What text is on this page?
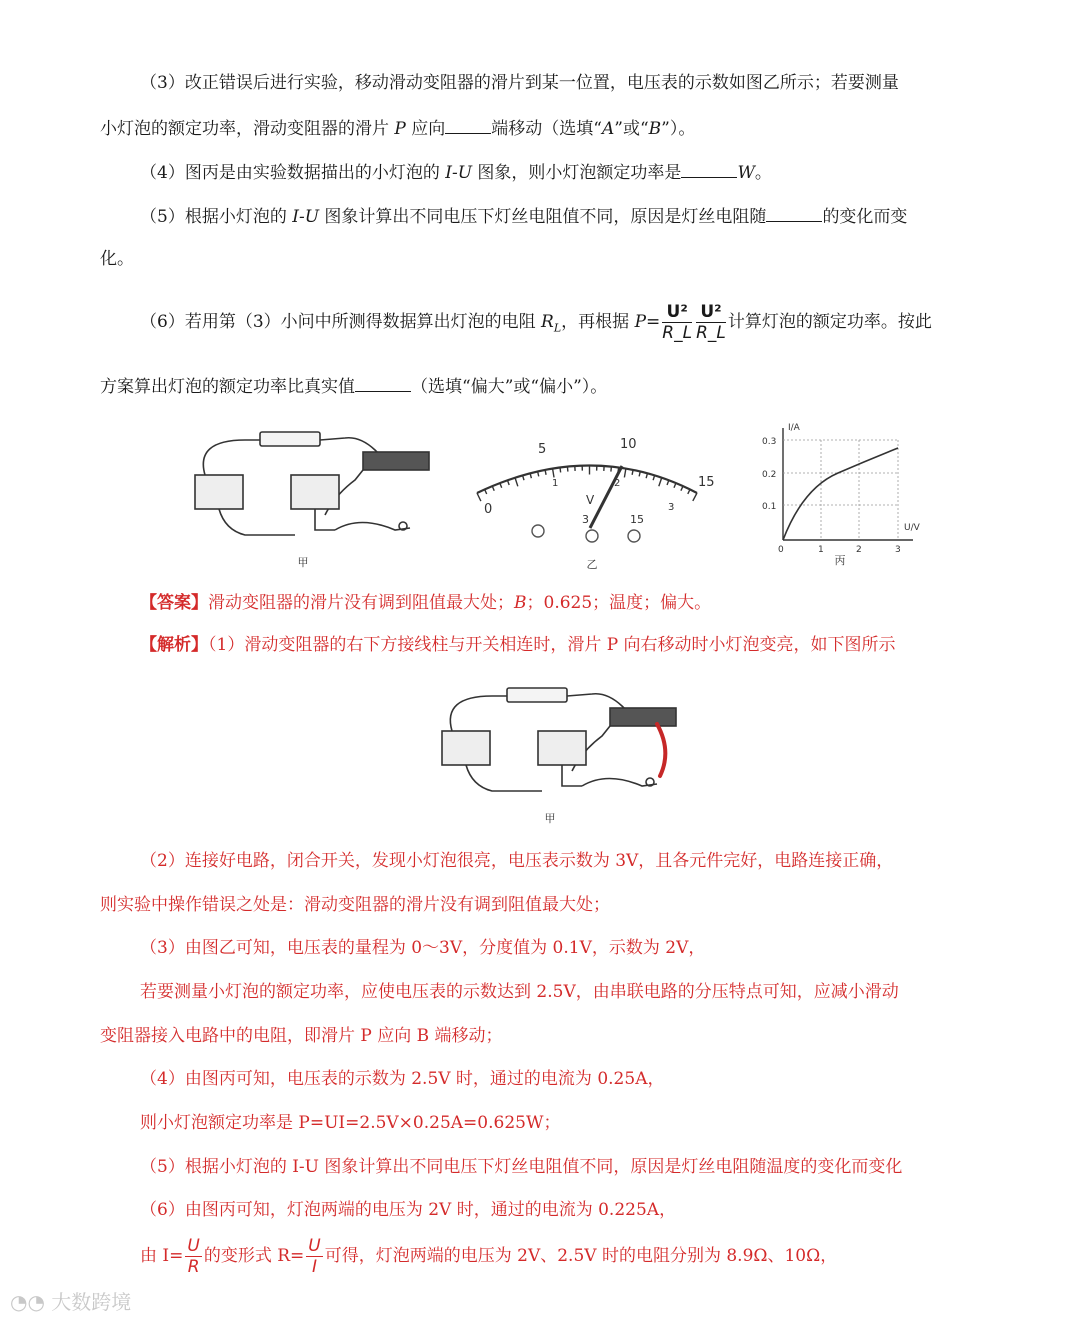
（3）改正错误后进行实验，移动滑动变阻器的滑片到某一位置，电压表的示数如图乙所示；若要测量
小灯泡的额定功率，滑动变阻器的滑片 P 应向	端移动（选填“A”或“B”）。
（4）图丙是由实验数据描出的小灯泡的 I-U 图象，则小灯泡额定功率是	W。
（5）根据小灯泡的 I-U 图象计算出不同电压下灯丝电阻值不同，原因是灯丝电阻随	的变化而变
化。
（6）若用第（3）小问中所测得数据算出灯泡的电阻 $R_L$，再根据 $P= \frac{\text{U²}}{R\_L} \frac{\text{U²}}{R\_L}$ 计算灯泡的额定功率。按此
方案算出灯泡的额定功率比真实值	（选填“偏大”或“偏小”）。
甲
0
5	10
15
1	2
3
V
3	15
乙
I/A
U/V
0.3
0.2
0.1
0	1	2	3
丙
【答案】滑动变阻器的滑片没有调到阻值最大处；B；0.625；温度；偏大。
【解析】（1）滑动变阻器的右下方接线柱与开关相连时，滑片 P 向右移动时小灯泡变亮，如下图所示
甲
（2）连接好电路，闭合开关，发现小灯泡很亮，电压表示数为 3V，且各元件完好，电路连接正确，
则实验中操作错误之处是：滑动变阻器的滑片没有调到阻值最大处；
（3）由图乙可知，电压表的量程为 0～3V，分度值为 0.1V，示数为 2V，
若要测量小灯泡的额定功率，应使电压表的示数达到 2.5V，由串联电路的分压特点可知，应减小滑动
变阻器接入电路中的电阻，即滑片 P 应向 B 端移动；
（4）由图丙可知，电压表的示数为 2.5V 时，通过的电流为 0.25A，
则小灯泡额定功率是 P=UI=2.5V×0.25A=0.625W；
（5）根据小灯泡的 I-U 图象计算出不同电压下灯丝电阻值不同，原因是灯丝电阻随温度的变化而变化
（6）由图丙可知，灯泡两端的电压为 2V 时，通过的电流为 0.225A，
由 $I= \frac{U}{R}$ 的变形式 $R= \frac{U}{I}$ 可得，灯泡两端的电压为 2V、2.5V 时的电阻分别为 8.9Ω、10Ω，
◔◔ 大数跨境
